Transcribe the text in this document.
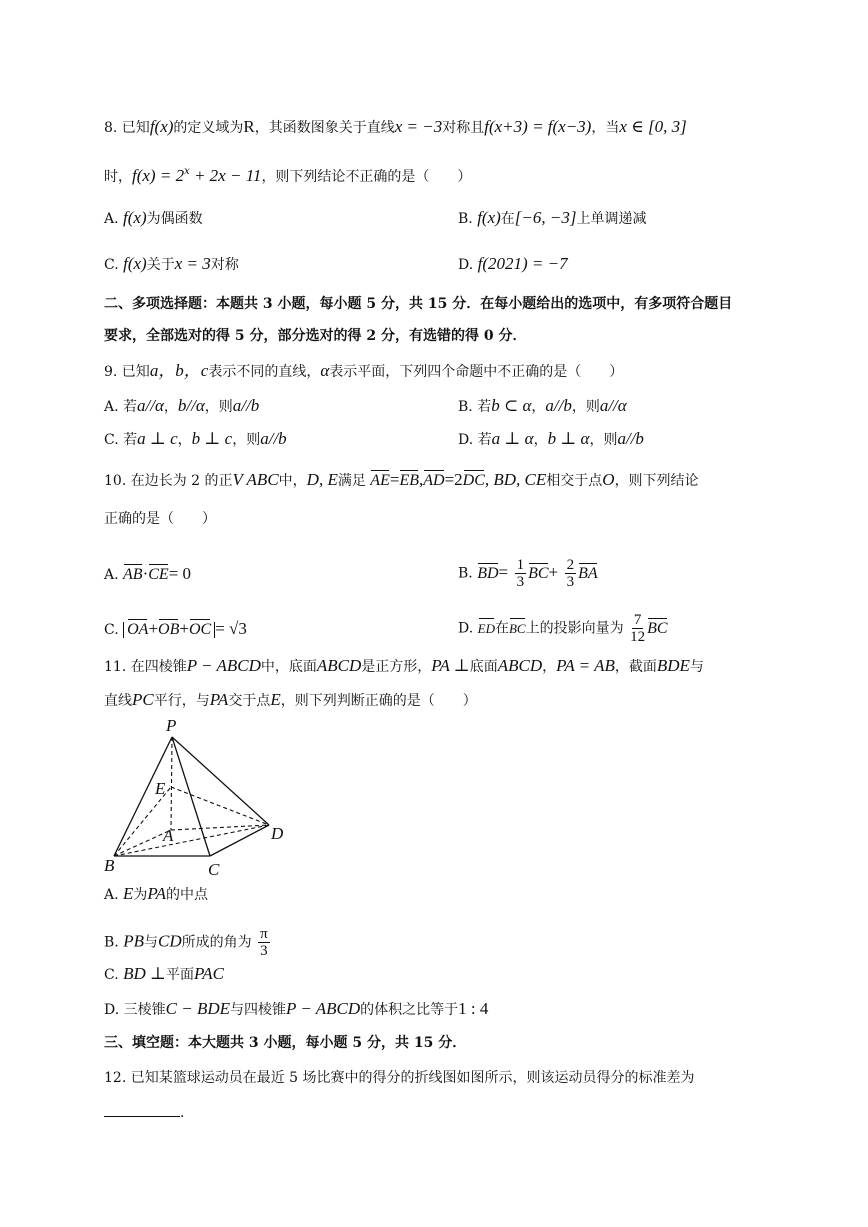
8. 已知f(x)的定义域为R，其函数图象关于直线x = −3对称且f(x+3) = f(x−3)，当x ∈ [0, 3]
时，$f(x) = 2^x + 2x - 11$，则下列结论不正确的是（　　）
A. f(x)为偶函数	B. f(x)在[−6, −3]上单调递减
C. f(x)关于x = 3对称	D. f(2021) = −7
二、多项选择题：本题共 3 小题，每小题 5 分，共 15 分．在每小题给出的选项中，有多项符合题目
要求，全部选对的得 5 分，部分选对的得 2 分，有选错的得 0 分．
9. 已知a，b，c表示不同的直线，α表示平面，下列四个命题中不正确的是（　　）
A. 若a//α，b//α，则a//b	B. 若b ⊂ α，a//b，则a//α
C. 若a ⊥ c，b ⊥ c，则a//b	D. 若a ⊥ α，b ⊥ α，则a//b
10. 在边长为 2 的正V ABC中，D, E满足 AE=EB,AD=2DC, BD, CE相交于点O，则下列结论
正确的是（　　）
A. AB·CE= 0	B. $BD= \frac{1}{3} BC+ \frac{2}{3}$ BA
C. OA+OB+OC = √3	D. ED在BC上的投影向量为 $\frac{7}{12}$ BC
11. 在四棱锥P − ABCD中，底面ABCD是正方形，PA ⊥底面ABCD，PA = AB，截面BDE与
直线PC平行，与PA交于点E，则下列判断正确的是（　　）
P
E
A	D
B	C
A. E为PA的中点
B. PB与CD所成的角为 $\frac{\pi}{3}$
C. BD ⊥平面PAC
D. 三棱锥C − BDE与四棱锥P − ABCD的体积之比等于1 : 4
三、填空题：本大题共 3 小题，每小题 5 分，共 15 分．
12. 已知某篮球运动员在最近 5 场比赛中的得分的折线图如图所示，则该运动员得分的标准差为
．
